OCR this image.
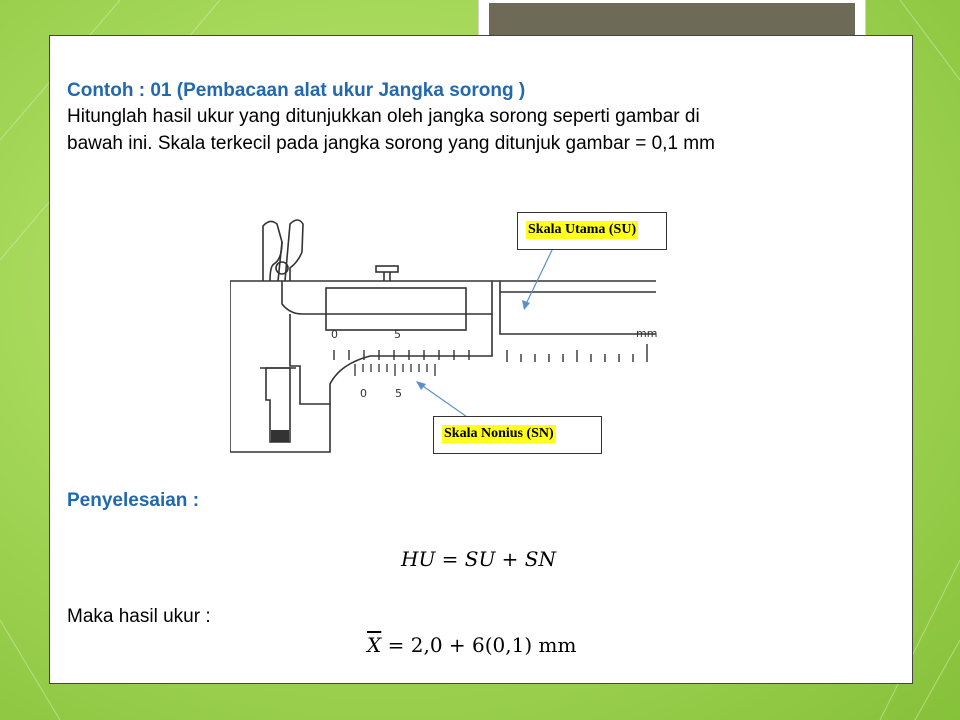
Contoh : 01 (Pembacaan alat ukur Jangka sorong )
Hitunglah hasil ukur yang ditunjukkan oleh jangka sorong seperti gambar di
bawah ini. Skala terkecil pada jangka sorong yang ditunjuk gambar = 0,1 mm
0	5	mm
0	5
Skala Utama (SU)
Skala Nonius (SN)
Penyelesaian :
HU = SU + SN
Maka hasil ukur :
$\overline{X} = 2,0 + 6(0,1)$ mm
